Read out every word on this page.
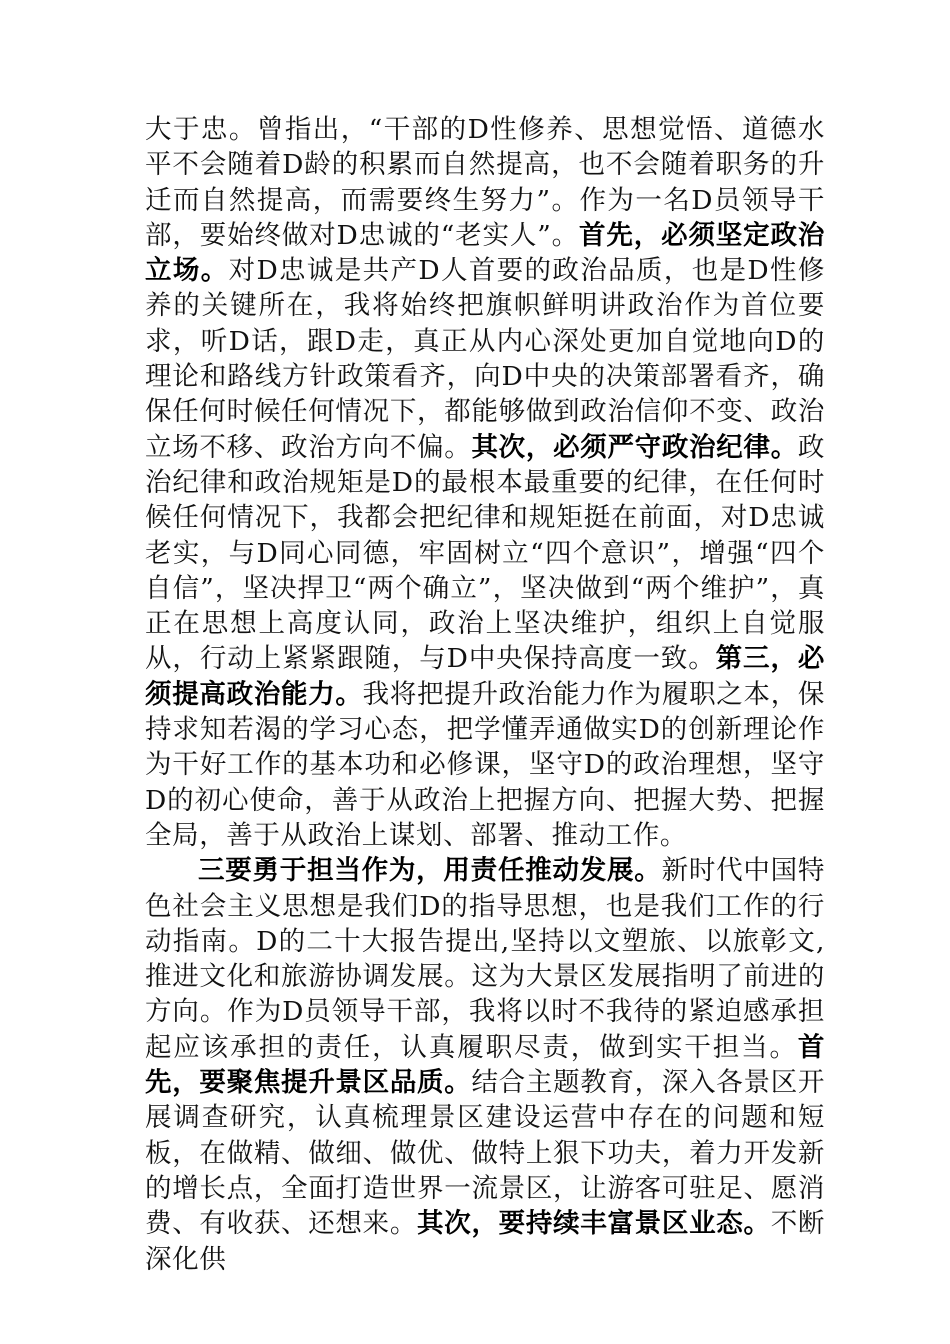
大于忠。曾指出，“干部的D性修养、思想觉悟、道德水平不会随着D龄的积累而自然提高，也不会随着职务的升迁而自然提高，而需要终生努力”。作为一名D员领导干部，要始终做对D忠诚的“老实人”。首先，必须坚定政治立场。对D忠诚是共产D人首要的政治品质，也是D性修养的关键所在，我将始终把旗帜鲜明讲政治作为首位要求，听D话，跟D走，真正从内心深处更加自觉地向D的理论和路线方针政策看齐，向D中央的决策部署看齐，确保任何时候任何情况下，都能够做到政治信仰不变、政治立场不移、政治方向不偏。其次，必须严守政治纪律。政治纪律和政治规矩是D的最根本最重要的纪律，在任何时候任何情况下，我都会把纪律和规矩挺在前面，对D忠诚老实，与D同心同德，牢固树立“四个意识”，增强“四个自信”，坚决捍卫“两个确立”，坚决做到“两个维护”，真正在思想上高度认同，政治上坚决维护，组织上自觉服从，行动上紧紧跟随，与D中央保持高度一致。第三，必须提高政治能力。我将把提升政治能力作为履职之本，保持求知若渴的学习心态，把学懂弄通做实D的创新理论作为干好工作的基本功和必修课，坚守D的政治理想，坚守D的初心使命，善于从政治上把握方向、把握大势、把握全局，善于从政治上谋划、部署、推动工作。

三要勇于担当作为，用责任推动发展。新时代中国特色社会主义思想是我们D的指导思想，也是我们工作的行动指南。D的二十大报告提出,坚持以文塑旅、以旅彰文,推进文化和旅游协调发展。这为大景区发展指明了前进的方向。作为D员领导干部，我将以时不我待的紧迫感承担起应该承担的责任，认真履职尽责，做到实干担当。首先，要聚焦提升景区品质。结合主题教育，深入各景区开展调查研究，认真梳理景区建设运营中存在的问题和短板，在做精、做细、做优、做特上狠下功夫，着力开发新的增长点，全面打造世界一流景区，让游客可驻足、愿消费、有收获、还想来。其次，要持续丰富景区业态。不断深化供
